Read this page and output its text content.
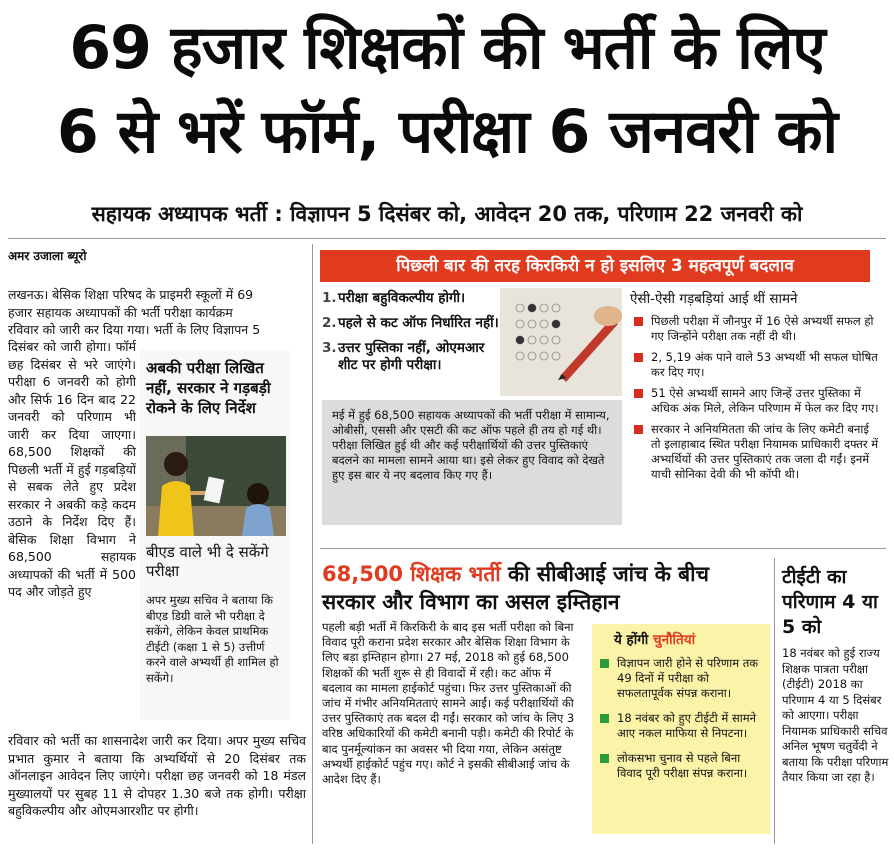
69 हजार शिक्षकों की भर्ती के लिए
6 से भरें फॉर्म, परीक्षा 6 जनवरी को
सहायक अध्यापक भर्ती : विज्ञापन 5 दिसंबर को, आवेदन 20 तक, परिणाम 22 जनवरी को
अमर उजाला ब्यूरो
लखनऊ। बेसिक शिक्षा परिषद के प्राइमरी स्कूलों में 69
हजार सहायक अध्यापकों की भर्ती परीक्षा कार्यक्रम
रविवार को जारी कर दिया गया। भर्ती के लिए विज्ञापन 5
दिसंबर को जारी होगा। फॉर्म छह दिसंबर से भरे जाएंगे। परीक्षा 6 जनवरी को होगी और सिर्फ 16 दिन बाद 22 जनवरी को परिणाम भी जारी कर दिया जाएगा। 68,500 शिक्षकों की पिछली भर्ती में हुई गड़बड़ियों से सबक लेते हुए प्रदेश सरकार ने अबकी कड़े कदम उठाने के निर्देश दिए हैं। बेसिक शिक्षा विभाग ने 68,500 सहायक अध्यापकों की भर्ती में 500 पद और जोड़ते हुए
रविवार को भर्ती का शासनादेश जारी कर दिया। अपर मुख्य सचिव प्रभात कुमार ने बताया कि अभ्यर्थियों से 20 दिसंबर तक ऑनलाइन आवेदन लिए जाएंगे। परीक्षा छह जनवरी को 18 मंडल मुख्यालयों पर सुबह 11 से दोपहर 1.30 बजे तक होगी। परीक्षा बहुविकल्पीय और ओएमआरशीट पर होगी।
अबकी परीक्षा लिखित नहीं, सरकार ने गड़बड़ी रोकने के लिए निर्देश
बीएड वाले भी दे सकेंगे परीक्षा
अपर मुख्य सचिव ने बताया कि बीएड डिग्री वाले भी परीक्षा दे सकेंगे, लेकिन केवल प्राथमिक टीईटी (कक्षा 1 से 5) उत्तीर्ण करने वाले अभ्यर्थी ही शामिल हो सकेंगे।
पिछली बार की तरह किरकिरी न हो इसलिए 3 महत्वपूर्ण बदलाव
1. परीक्षा बहुविकल्पीय होगी।
2. पहले से कट ऑफ निर्धारित नहीं।
3. उत्तर पुस्तिका नहीं, ओएमआर शीट पर होगी परीक्षा।
मई में हुई 68,500 सहायक अध्यापकों की भर्ती परीक्षा में सामान्य, ओबीसी, एससी और एसटी की कट ऑफ पहले ही तय हो गई थी। परीक्षा लिखित हुई थी और कई परीक्षार्थियों की उत्तर पुस्तिकाएं बदलने का मामला सामने आया था। इसे लेकर हुए विवाद को देखते हुए इस बार ये नए बदलाव किए गए हैं।
ऐसी-ऐसी गड़बड़ियां आई थीं सामने
पिछली परीक्षा में जौनपुर में 16 ऐसे अभ्यर्थी सफल हो गए जिन्होंने परीक्षा तक नहीं दी थी।
2, 5,19 अंक पाने वाले 53 अभ्यर्थी भी सफल घोषित कर दिए गए।
51 ऐसे अभ्यर्थी सामने आए जिन्हें उत्तर पुस्तिका में अधिक अंक मिले, लेकिन परिणाम में फेल कर दिए गए।
सरकार ने अनियमितता की जांच के लिए कमेटी बनाई तो इलाहाबाद स्थित परीक्षा नियामक प्राधिकारी दफ्तर में अभ्यर्थियों की उत्तर पुस्तिकाएं तक जला दी गईं। इनमें याची सोनिका देवी की भी कॉपी थी।
68,500 शिक्षक भर्ती की सीबीआई जांच के बीच सरकार और विभाग का असल इम्तिहान
पहली बड़ी भर्ती में किरकिरी के बाद इस भर्ती परीक्षा को बिना विवाद पूरी कराना प्रदेश सरकार और बेसिक शिक्षा विभाग के लिए बड़ा इम्तिहान होगा। 27 मई, 2018 को हुई 68,500 शिक्षकों की भर्ती शुरू से ही विवादों में रही। कट ऑफ में बदलाव का मामला हाईकोर्ट पहुंचा। फिर उत्तर पुस्तिकाओं की जांच में गंभीर अनियमितताएं सामने आईं। कई परीक्षार्थियों की उत्तर पुस्तिकाएं तक बदल दी गईं। सरकार को जांच के लिए 3 वरिष्ठ अधिकारियों की कमेटी बनानी पड़ी। कमेटी की रिपोर्ट के बाद पुनर्मूल्यांकन का अवसर भी दिया गया, लेकिन असंतुष्ट अभ्यर्थी हाईकोर्ट पहुंच गए। कोर्ट ने इसकी सीबीआई जांच के आदेश दिए हैं।
ये होंगी चुनौतियां
विज्ञापन जारी होने से परिणाम तक 49 दिनों में परीक्षा को सफलतापूर्वक संपन्न कराना।
18 नवंबर को हुए टीईटी में सामने आए नकल माफिया से निपटना।
लोकसभा चुनाव से पहले बिना विवाद पूरी परीक्षा संपन्न कराना।
टीईटी का परिणाम 4 या 5 को
18 नवंबर को हुई राज्य शिक्षक पात्रता परीक्षा (टीईटी) 2018 का परिणाम 4 या 5 दिसंबर को आएगा। परीक्षा नियामक प्राधिकारी सचिव अनिल भूषण चतुर्वेदी ने बताया कि परीक्षा परिणाम तैयार किया जा रहा है।
